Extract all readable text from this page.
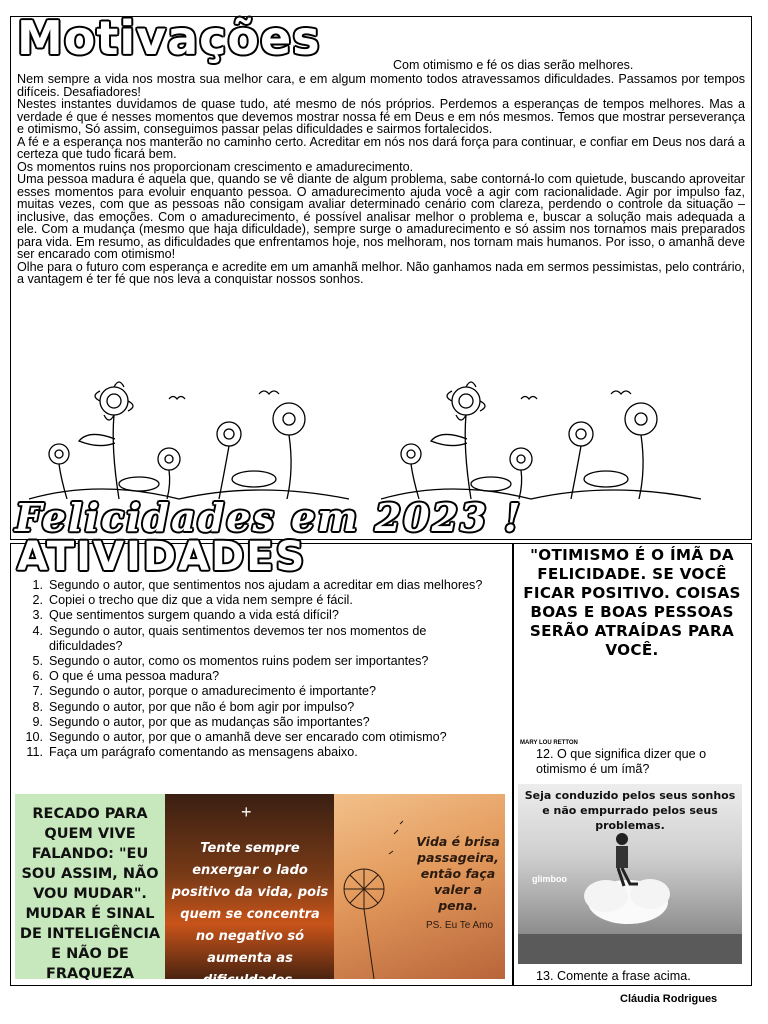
Motivações	Com otimismo e fé os dias serão melhores.

Nem sempre a vida nos mostra sua melhor cara, e em algum momento todos atravessamos dificuldades. Passamos por tempos difíceis. Desafiadores!

Nestes instantes duvidamos de quase tudo, até mesmo de nós próprios. Perdemos a esperanças de tempos melhores. Mas a verdade é que é nesses momentos que devemos mostrar nossa fé em Deus e em nós mesmos. Temos que mostrar perseverança e otimismo, Só assim, conseguimos passar pelas dificuldades e sairmos fortalecidos.

A fé e a esperança nos manterão no caminho certo. Acreditar em nós nos dará força para continuar, e confiar em Deus nos dará a certeza que tudo ficará bem.

Os momentos ruins nos proporcionam crescimento e amadurecimento.

Uma pessoa madura é aquela que, quando se vê diante de algum problema, sabe contorná-lo com quietude, buscando aproveitar esses momentos para evoluir enquanto pessoa. O amadurecimento ajuda você a agir com racionalidade. Agir por impulso faz, muitas vezes, com que as pessoas não consigam avaliar determinado cenário com clareza, perdendo o controle da situação – inclusive, das emoções. Com o amadurecimento, é possível analisar melhor o problema e, buscar a solução mais adequada a ele. Com a mudança (mesmo que haja dificuldade), sempre surge o amadurecimento e só assim nos tornamos mais preparados para vida. Em resumo, as dificuldades que enfrentamos hoje, nos melhoram, nos tornam mais humanos. Por isso, o amanhã deve ser encarado com otimismo!

Olhe para o futuro com esperança e acredite em um amanhã melhor. Não ganhamos nada em sermos pessimistas, pelo contrário, a vantagem é ter fé que nos leva a conquistar nossos sonhos.

Felicidades em 2023 !
ATIVIDADES
1. Segundo o autor, que sentimentos nos ajudam a acreditar em dias melhores?
2. Copiei o trecho que diz que a vida nem sempre é fácil.
3. Que sentimentos surgem quando a vida está difícil?
4. Segundo o autor, quais sentimentos devemos ter nos momentos de dificuldades?
5. Segundo o autor, como os momentos ruins podem ser importantes?
6. O que é uma pessoa madura?
7. Segundo o autor, porque o amadurecimento é importante?
8. Segundo o autor, por que não é bom agir por impulso?
9. Segundo o autor, por que as mudanças são importantes?
10. Segundo o autor, por que o amanhã deve ser encarado com otimismo?
11. Faça um parágrafo comentando as mensagens abaixo.
RECADO PARA QUEM VIVE FALANDO: "EU SOU ASSIM, NÃO VOU MUDAR". MUDAR É SINAL DE INTELIGÊNCIA E NÃO DE FRAQUEZA
+
Tente sempre enxergar o lado positivo da vida, pois quem se concentra no negativo só aumenta as dificuldades.
Vida é brisa passageira, então faça valer a pena.
PS. Eu Te Amo
"OTIMISMO É O ÍMÃ DA FELICIDADE. SE VOCÊ FICAR POSITIVO. COISAS BOAS E BOAS PESSOAS SERÃO ATRAÍDAS PARA VOCÊ.
MARY LOU RETTON
12. O que significa dizer que o otimismo é um ímã?
Seja conduzido pelos seus sonhos e não empurrado pelos seus problemas.
glimboo
13. Comente a frase acima.
Cláudia Rodrigues
